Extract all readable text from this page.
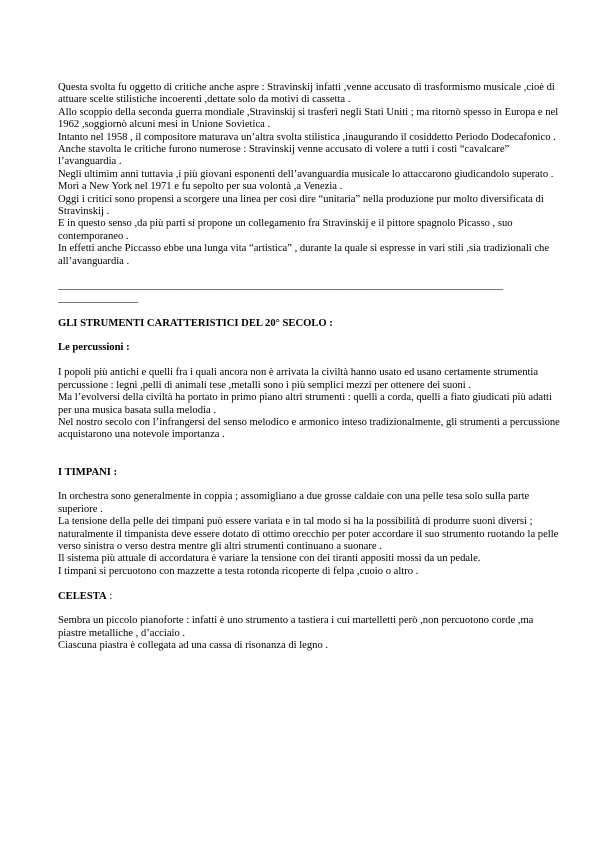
Questa svolta fu oggetto di critiche anche aspre : Stravinskij infatti ,venne accusato di trasformismo musicale ,cioè di attuare scelte stilistiche incoerenti ,dettate solo da motivi di cassetta .

Allo scoppio della seconda guerra mondiale ,Stravinskij si trasferì negli Stati Uniti ; ma ritornò spesso in Europa e nel 1962 ,soggiornò alcuni mesi in Unione Sovietica .

Intanto nel 1958 , il compositore maturava un’altra svolta stilistica ,inaugurando il cosiddetto Periodo Dodecafonico .

Anche stavolta le critiche furono numerose : Stravinskij venne accusato di volere a tutti i costi “cavalcare” l’avanguardia .

Negli ultimim anni tuttavia ,i più giovani esponenti dell’avanguardia musicale lo attaccarono giudicandolo superato .

Morì a New York nel 1971 e fu sepolto per sua volontà ,a Venezia .

Oggi i critici sono propensi a scorgere una linea per così dire “unitaria” nella produzione pur molto diversificata di Stravinskij .

E in questo senso ,da più parti si propone un collegamento fra Stravinskij e il pittore spagnolo Picasso , suo contemporaneo .

In effetti anche Piccasso ebbe una lunga vita “artistica” , durante la quale si espresse in vari stili ,sia tradizionali che all’avanguardia .

_________________________________________________________________________________________

________________

GLI STRUMENTI CARATTERISTICI DEL 20° SECOLO :

Le percussioni :

I popoli più antichi e quelli fra i quali ancora non è arrivata la civiltà hanno usato ed usano certamente strumentia percussione : legni ,pelli di animali tese ,metalli sono i più semplici mezzi per ottenere dei suoni .

Ma l’evolversi della civiltà ha portato in primo piano altri strumenti : quelli a corda, quelli a fiato giudicati più adatti per una musica basata sulla melodia .

Nel nostro secolo con l’infrangersi del senso melodico e armonico inteso tradizionalmente, gli strumenti a percussione acquistarono una notevole importanza .

I TIMPANI :

In orchestra sono generalmente in coppia ; assomigliano a due grosse caldaie con una pelle tesa solo sulla parte superiore .

La tensione della pelle dei timpani può essere variata e in tal modo si ha la possibilità di produrre suoni diversi ; naturalmente il timpanista deve essere dotato di ottimo orecchio per poter accordare il suo strumento ruotando la pelle verso sinistra o verso destra mentre gli altri strumenti continuano a suonare .

Il sistema più attuale di accordatura è variare la tensione con dei tiranti appositi mossi da un pedale.

I timpani si percuotono con mazzette a testa rotonda ricoperte di felpa ,cuoio o altro .

CELESTA :

Sembra un piccolo pianoforte : infatti è uno strumento a tastiera i cui martelletti però ,non percuotono corde ,ma piastre metalliche , d’acciaio .

Ciascuna piastra è collegata ad una cassa di risonanza di legno .
